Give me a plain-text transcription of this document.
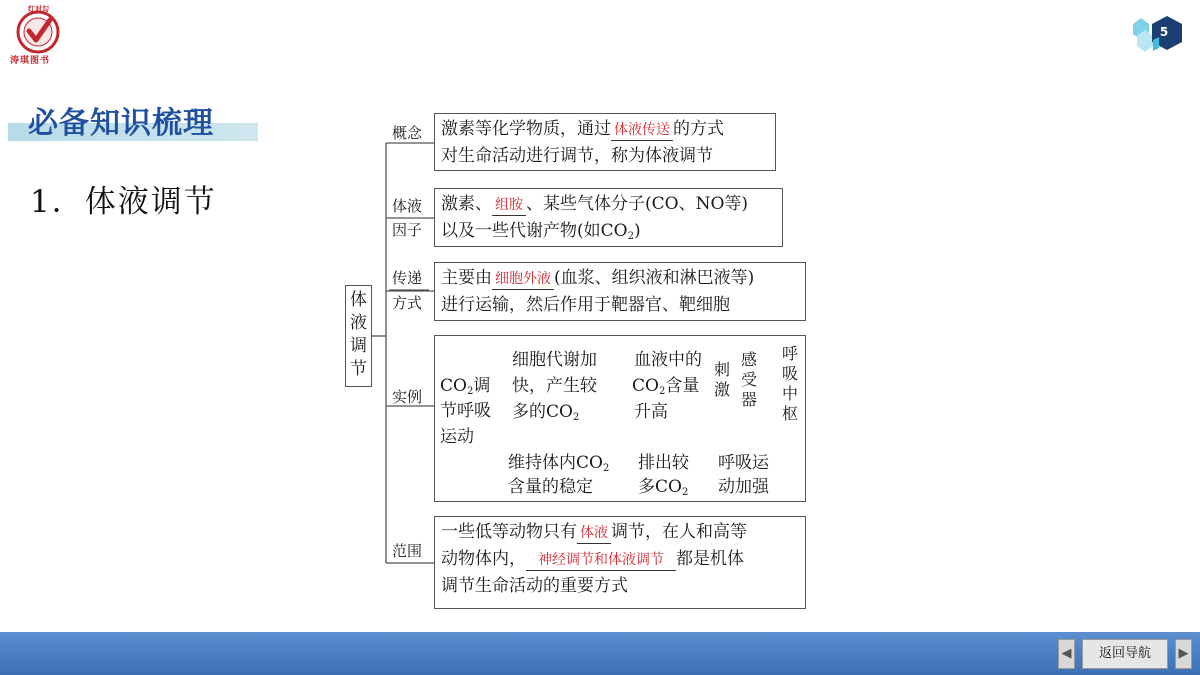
红对勾
涛琪图书
5
必备知识梳理
1．体液调节
体液调节
概念 激素等化学物质，通过 体液传送 的方式
对生命活动进行调节，称为体液调节
体液
因子
激素、 组胺 、某些气体分子(CO、NO等)
以及一些代谢产物(如$CO_2$)
传递
方式
主要由 细胞外液 (血浆、组织液和淋巴液等)
进行运输，然后作用于靶器官、靶细胞
实例
$CO_2$调
节呼吸
运动
细胞代谢加
快，产生较
多的$CO_2$
血液中的
$CO_2$含量
升高
刺激
感受器
呼吸中枢
呼吸运
动加强
排出较
多$CO_2$
维持体内$CO_2$
含量的稳定
范围
一些低等动物只有 体液 调节，在人和高等
动物体内， 神经调节和体液调节 都是机体
调节生命活动的重要方式
◀	返回导航	▶
